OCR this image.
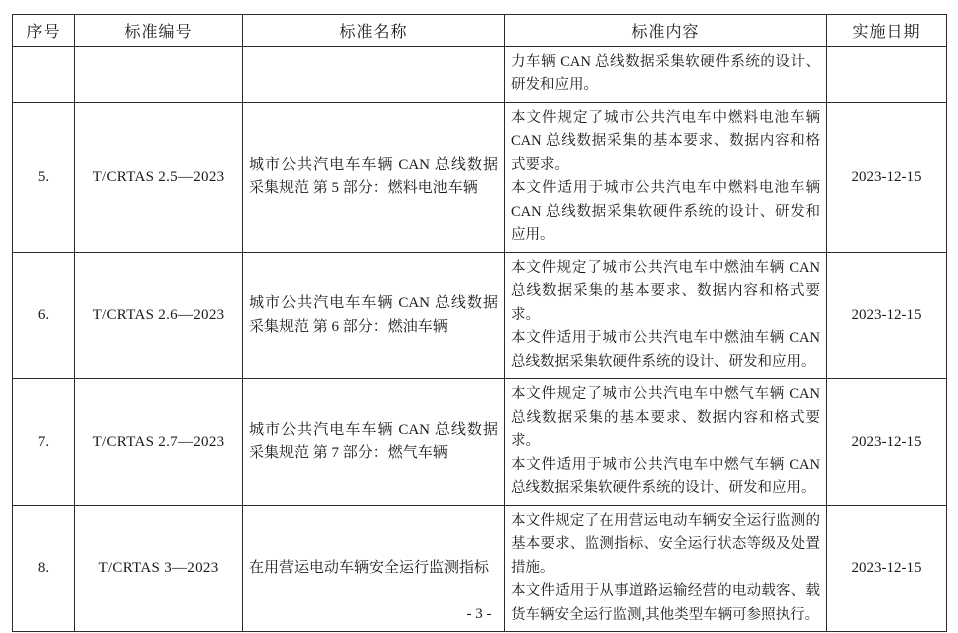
序号	标准编号	标准名称	标准内容	实施日期

			力车辆 CAN 总线数据采集软硬件系统的设计、研发和应用。	

5.	T/CRTAS 2.5—2023	城市公共汽电车车辆 CAN 总线数据采集规范 第 5 部分：燃料电池车辆	本文件规定了城市公共汽电车中燃料电池车辆 CAN 总线数据采集的基本要求、数据内容和格式要求。

本文件适用于城市公共汽电车中燃料电池车辆 CAN 总线数据采集软硬件系统的设计、研发和应用。	2023-12-15
6.	T/CRTAS 2.6—2023	城市公共汽电车车辆 CAN 总线数据采集规范 第 6 部分：燃油车辆	本文件规定了城市公共汽电车中燃油车辆 CAN 总线数据采集的基本要求、数据内容和格式要求。

本文件适用于城市公共汽电车中燃油车辆 CAN 总线数据采集软硬件系统的设计、研发和应用。	2023-12-15
7.	T/CRTAS 2.7—2023	城市公共汽电车车辆 CAN 总线数据采集规范 第 7 部分：燃气车辆	本文件规定了城市公共汽电车中燃气车辆 CAN 总线数据采集的基本要求、数据内容和格式要求。

本文件适用于城市公共汽电车中燃气车辆 CAN 总线数据采集软硬件系统的设计、研发和应用。	2023-12-15
8.	T/CRTAS 3—2023	在用营运电动车辆安全运行监测指标	本文件规定了在用营运电动车辆安全运行监测的基本要求、监测指标、安全运行状态等级及处置措施。

本文件适用于从事道路运输经营的电动载客、载货车辆安全运行监测,其他类型车辆可参照执行。	2023-12-15
- 3 -
